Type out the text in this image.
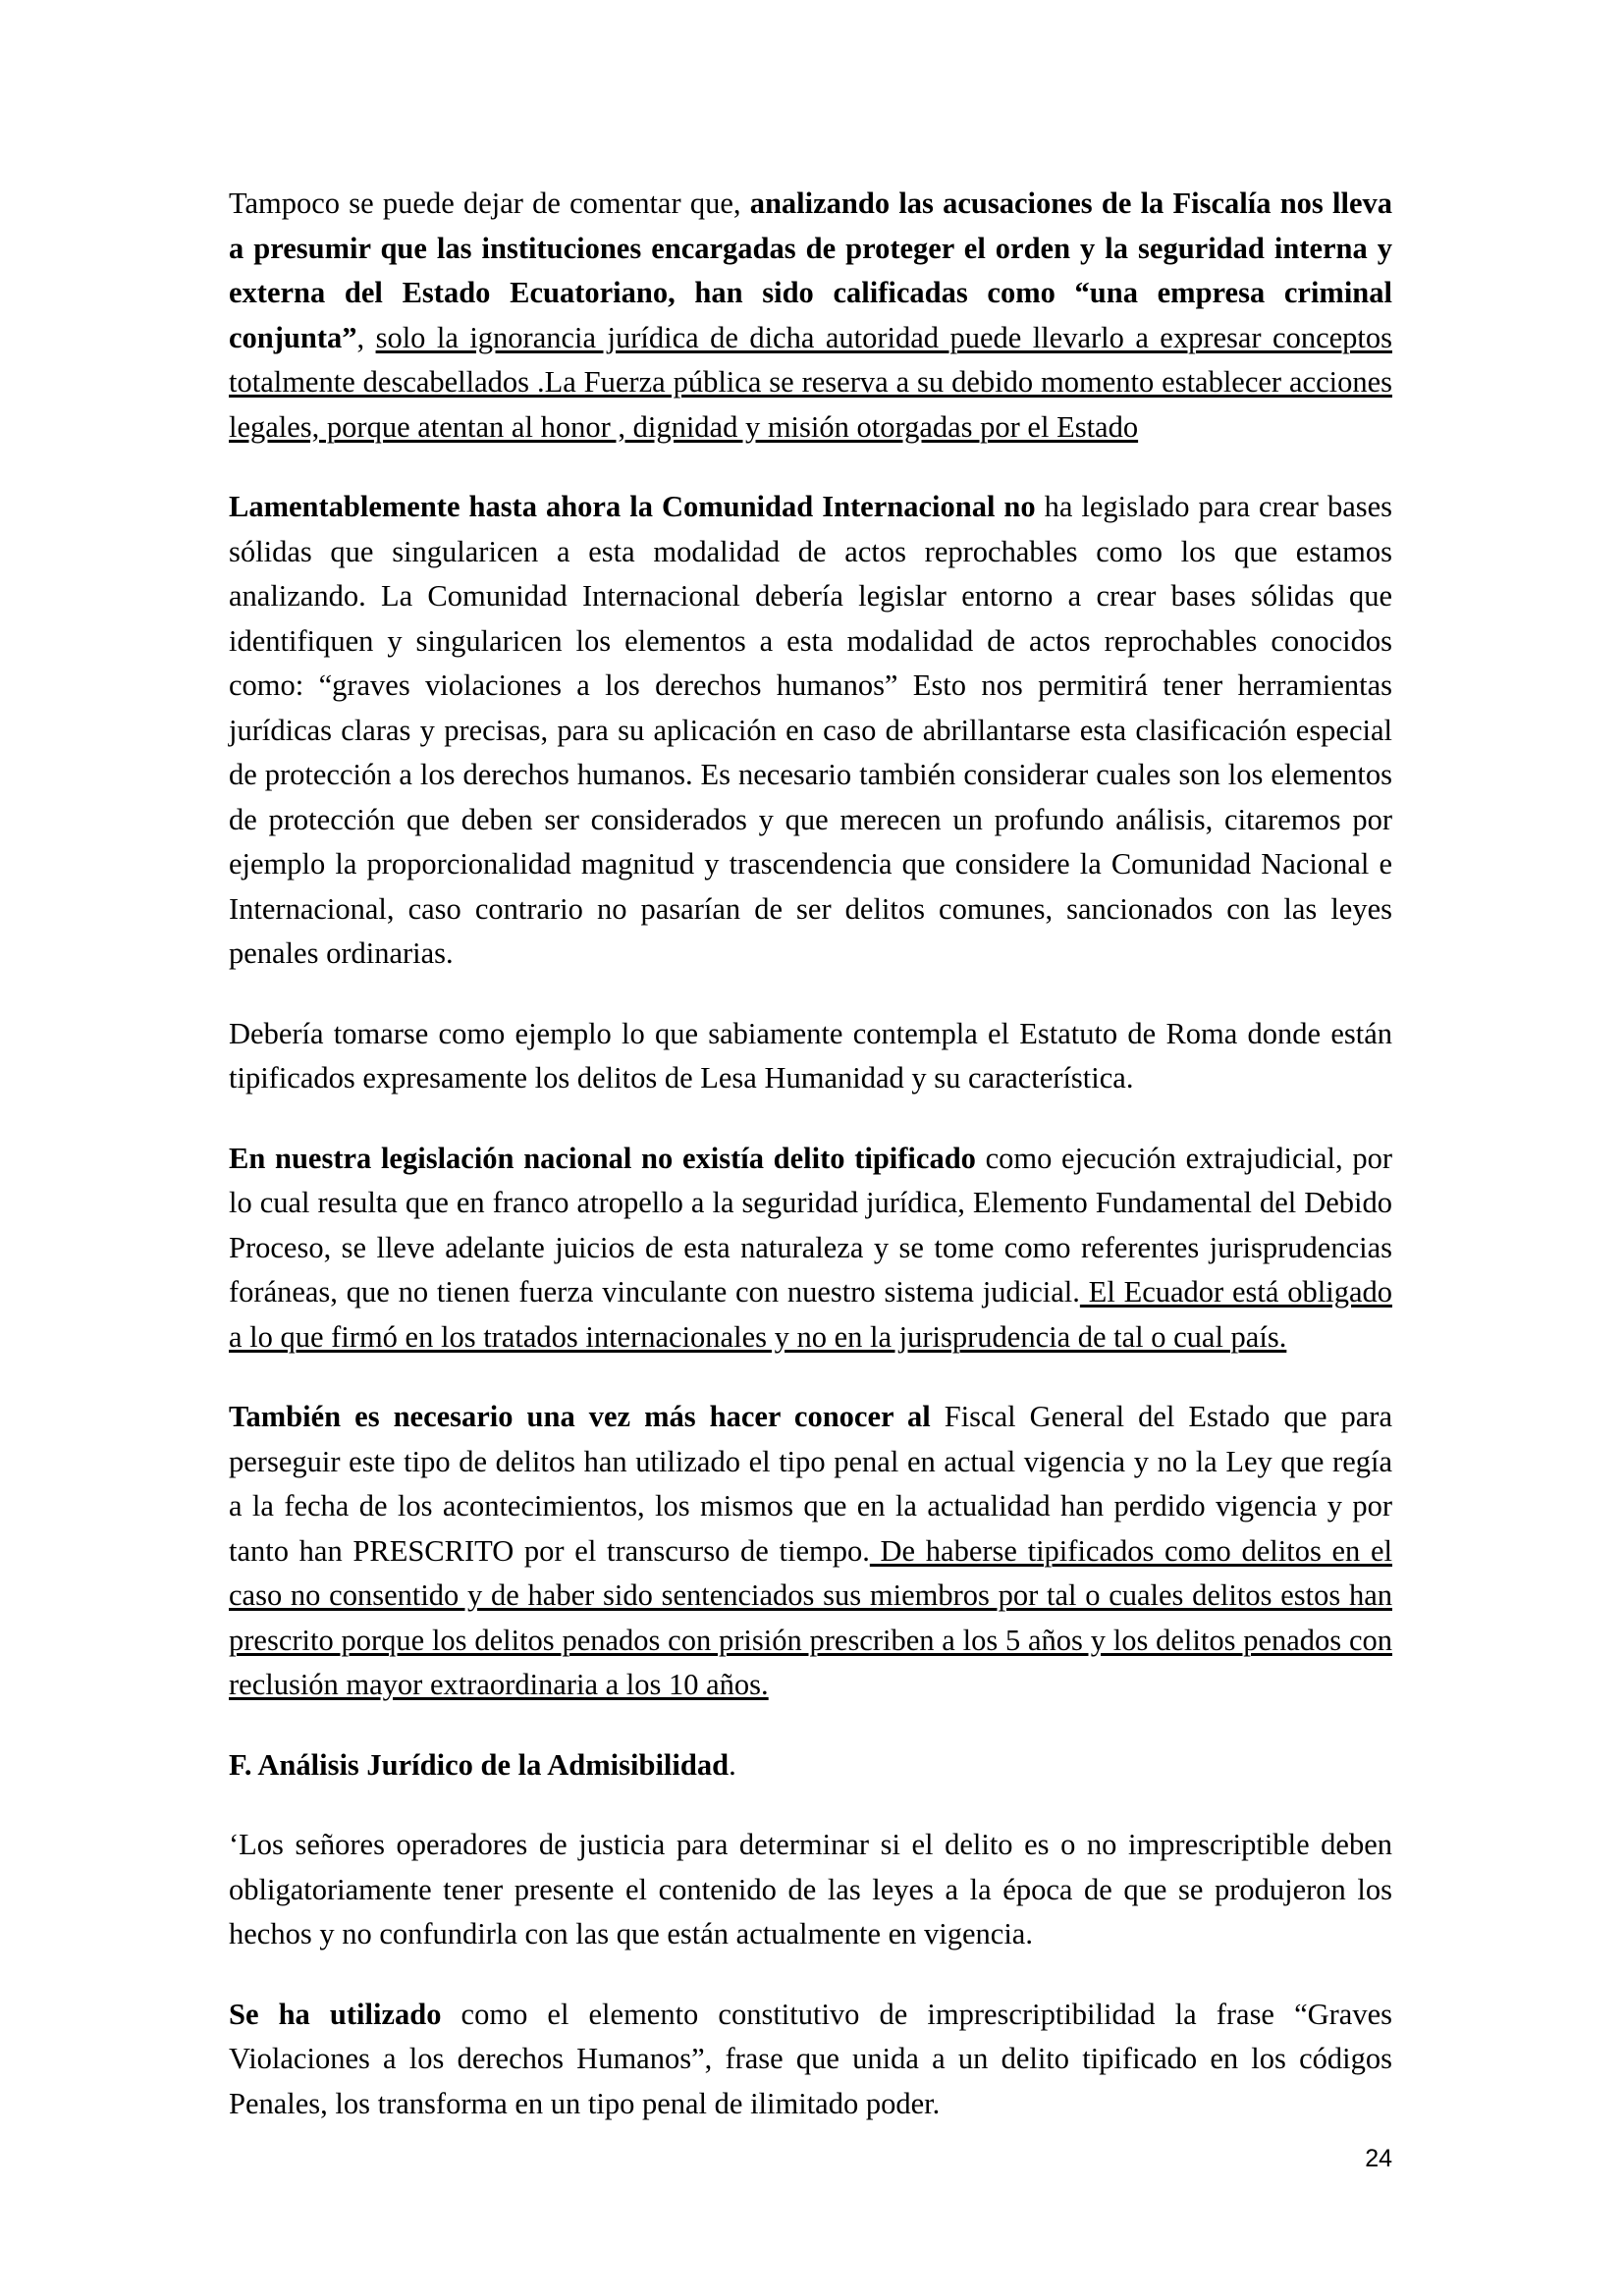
Tampoco se puede dejar de comentar que, analizando las acusaciones de la Fiscalía nos lleva a presumir que las instituciones encargadas de proteger el orden y la seguridad interna y externa del Estado Ecuatoriano, han sido calificadas como “una empresa criminal conjunta”, solo la ignorancia jurídica de dicha autoridad puede llevarlo a expresar conceptos totalmente descabellados .La Fuerza pública se reserva a su debido momento establecer acciones legales, porque atentan al honor , dignidad y misión otorgadas por el Estado

Lamentablemente hasta ahora la Comunidad Internacional no ha legislado para crear bases sólidas que singularicen a esta modalidad de actos reprochables como los que estamos analizando. La Comunidad Internacional debería legislar entorno a crear bases sólidas que identifiquen y singularicen los elementos a esta modalidad de actos reprochables conocidos como: “graves violaciones a los derechos humanos” Esto nos permitirá tener herramientas jurídicas claras y precisas, para su aplicación en caso de abrillantarse esta clasificación especial de protección a los derechos humanos. Es necesario también considerar cuales son los elementos de protección que deben ser considerados y que merecen un profundo análisis, citaremos por ejemplo la proporcionalidad magnitud y trascendencia que considere la Comunidad Nacional e Internacional, caso contrario no pasarían de ser delitos comunes, sancionados con las leyes penales ordinarias.

Debería tomarse como ejemplo lo que sabiamente contempla el Estatuto de Roma donde están tipificados expresamente los delitos de Lesa Humanidad y su característica.

En nuestra legislación nacional no existía delito tipificado como ejecución extrajudicial, por lo cual resulta que en franco atropello a la seguridad jurídica, Elemento Fundamental del Debido Proceso, se lleve adelante juicios de esta naturaleza y se tome como referentes jurisprudencias foráneas, que no tienen fuerza vinculante con nuestro sistema judicial. El Ecuador está obligado a lo que firmó en los tratados internacionales y no en la jurisprudencia de tal o cual país.

También es necesario una vez más hacer conocer al Fiscal General del Estado que para perseguir este tipo de delitos han utilizado el tipo penal en actual vigencia y no la Ley que regía a la fecha de los acontecimientos, los mismos que en la actualidad han perdido vigencia y por tanto han PRESCRITO por el transcurso de tiempo. De haberse tipificados como delitos en el caso no consentido y de haber sido sentenciados sus miembros por tal o cuales delitos estos han prescrito porque los delitos penados con prisión prescriben a los 5 años y los delitos penados con reclusión mayor extraordinaria a los 10 años.

F. Análisis Jurídico de la Admisibilidad.

‘Los señores operadores de justicia para determinar si el delito es o no imprescriptible deben obligatoriamente tener presente el contenido de las leyes a la época de que se produjeron los hechos y no confundirla con las que están actualmente en vigencia.

Se ha utilizado como el elemento constitutivo de imprescriptibilidad la frase “Graves Violaciones a los derechos Humanos”, frase que unida a un delito tipificado en los códigos Penales, los transforma en un tipo penal de ilimitado poder.

24
